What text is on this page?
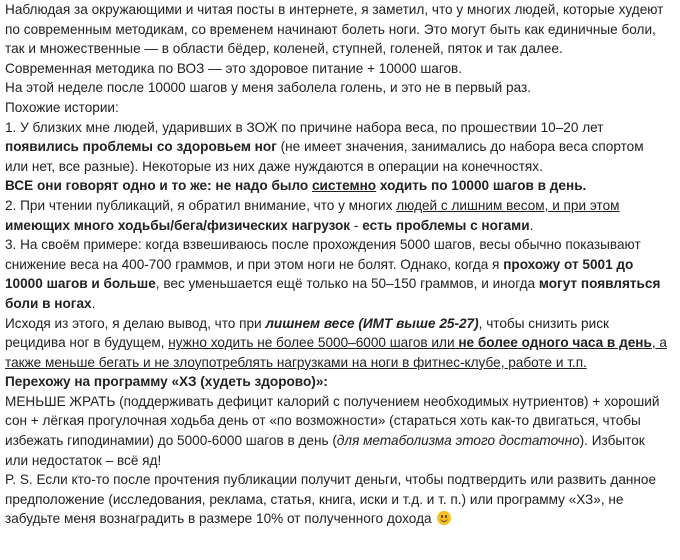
Наблюдая за окружающими и читая посты в интернете, я заметил, что у многих людей, которые худеют по современным методикам, со временем начинают болеть ноги. Это могут быть как единичные боли, так и множественные — в области бёдер, коленей, ступней, голеней, пяток и так далее.

Современная методика по ВОЗ — это здоровое питание + 10000 шагов.

На этой неделе после 10000 шагов у меня заболела голень, и это не в первый раз.

Похожие истории:

1. У близких мне людей, ударивших в ЗОЖ по причине набора веса, по прошествии 10–20 лет появились проблемы со здоровьем ног (не имеет значения, занимались до набора веса спортом или нет, все разные). Некоторые из них даже нуждаются в операции на конечностях.

ВСЕ они говорят одно и то же: не надо было системно ходить по 10000 шагов в день.

2. При чтении публикаций, я обратил внимание, что у многих людей с лишним весом, и при этом имеющих много ходьбы/бега/физических нагрузок - есть проблемы с ногами.

3. На своём примере: когда взвешиваюсь после прохождения 5000 шагов, весы обычно показывают снижение веса на 400-700 граммов, и при этом ноги не болят. Однако, когда я прохожу от 5001 до 10000 шагов и больше, вес уменьшается ещё только на 50–150 граммов, и иногда могут появляться боли в ногах.

Исходя из этого, я делаю вывод, что при лишнем весе (ИМТ выше 25-27), чтобы снизить риск рецидива ног в будущем, нужно ходить не более 5000–6000 шагов или не более одного часа в день, а также меньше бегать и не злоупотреблять нагрузками на ноги в фитнес-клубе, работе и т.п.

Перехожу на программу «ХЗ (худеть здорово)»:

МЕНЬШЕ ЖРАТЬ (поддерживать дефицит калорий с получением необходимых нутриентов) + хороший сон + лёгкая прогулочная ходьба день от «по возможности» (стараться хоть как-то двигаться, чтобы избежать гиподинамии) до 5000-6000 шагов в день (для метаболизма этого достаточно). Избыток или недостаток – всё яд!

P. S. Если кто-то после прочтения публикации получит деньги, чтобы подтвердить или развить данное предположение (исследования, реклама, статья, книга, иски и т.д. и т. п.) или программу «ХЗ», не забудьте меня вознаградить в размере 10% от полученного дохода
